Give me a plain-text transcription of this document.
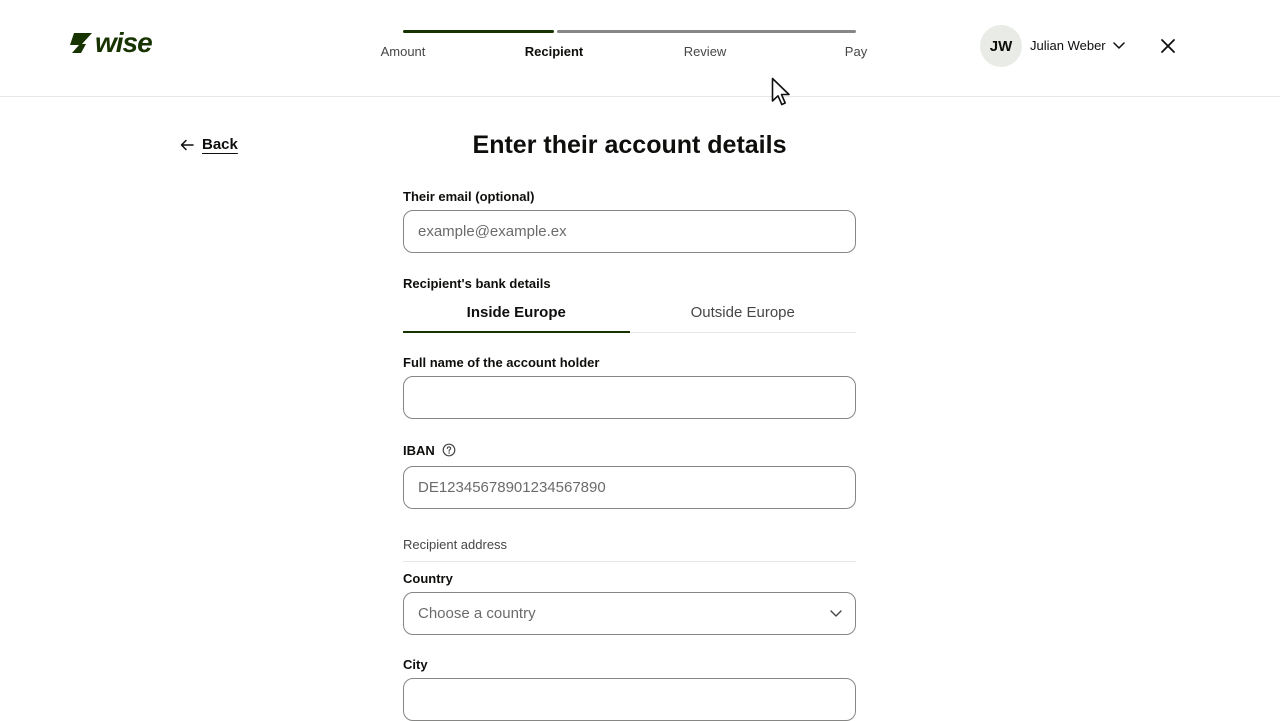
wise	Amount	Recipient	Review	Pay	JW	Julian Weber
Back	Enter their account details
Their email (optional)
example@example.ex
Recipient's bank details
Inside Europe	Outside Europe
Full name of the account holder
IBAN
DE12345678901234567890
Recipient address
Country
Choose a country
City
